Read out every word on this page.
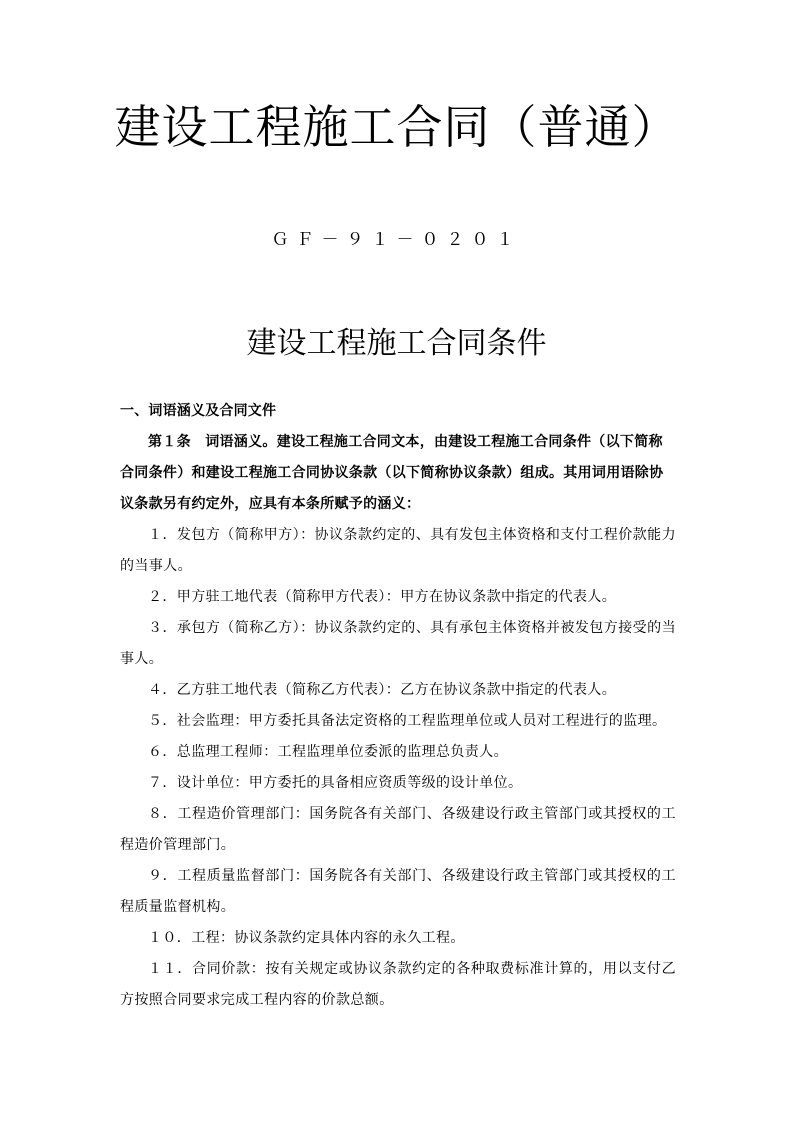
建设工程施工合同（普通）
ＧＦ－９１－０２０１
建设工程施工合同条件

一、词语涵义及合同文件

第１条　词语涵义。建设工程施工合同文本，由建设工程施工合同条件（以下简称合同条件）和建设工程施工合同协议条款（以下简称协议条款）组成。其用词用语除协议条款另有约定外，应具有本条所赋予的涵义：

１．发包方（简称甲方）：协议条款约定的、具有发包主体资格和支付工程价款能力的当事人。

２．甲方驻工地代表（简称甲方代表）：甲方在协议条款中指定的代表人。

３．承包方（简称乙方）：协议条款约定的、具有承包主体资格并被发包方接受的当事人。

４．乙方驻工地代表（简称乙方代表）：乙方在协议条款中指定的代表人。

５．社会监理：甲方委托具备法定资格的工程监理单位或人员对工程进行的监理。

６．总监理工程师：工程监理单位委派的监理总负责人。

７．设计单位：甲方委托的具备相应资质等级的设计单位。

８．工程造价管理部门：国务院各有关部门、各级建设行政主管部门或其授权的工程造价管理部门。

９．工程质量监督部门：国务院各有关部门、各级建设行政主管部门或其授权的工程质量监督机构。

１０．工程：协议条款约定具体内容的永久工程。

１１．合同价款：按有关规定或协议条款约定的各种取费标准计算的，用以支付乙方按照合同要求完成工程内容的价款总额。
